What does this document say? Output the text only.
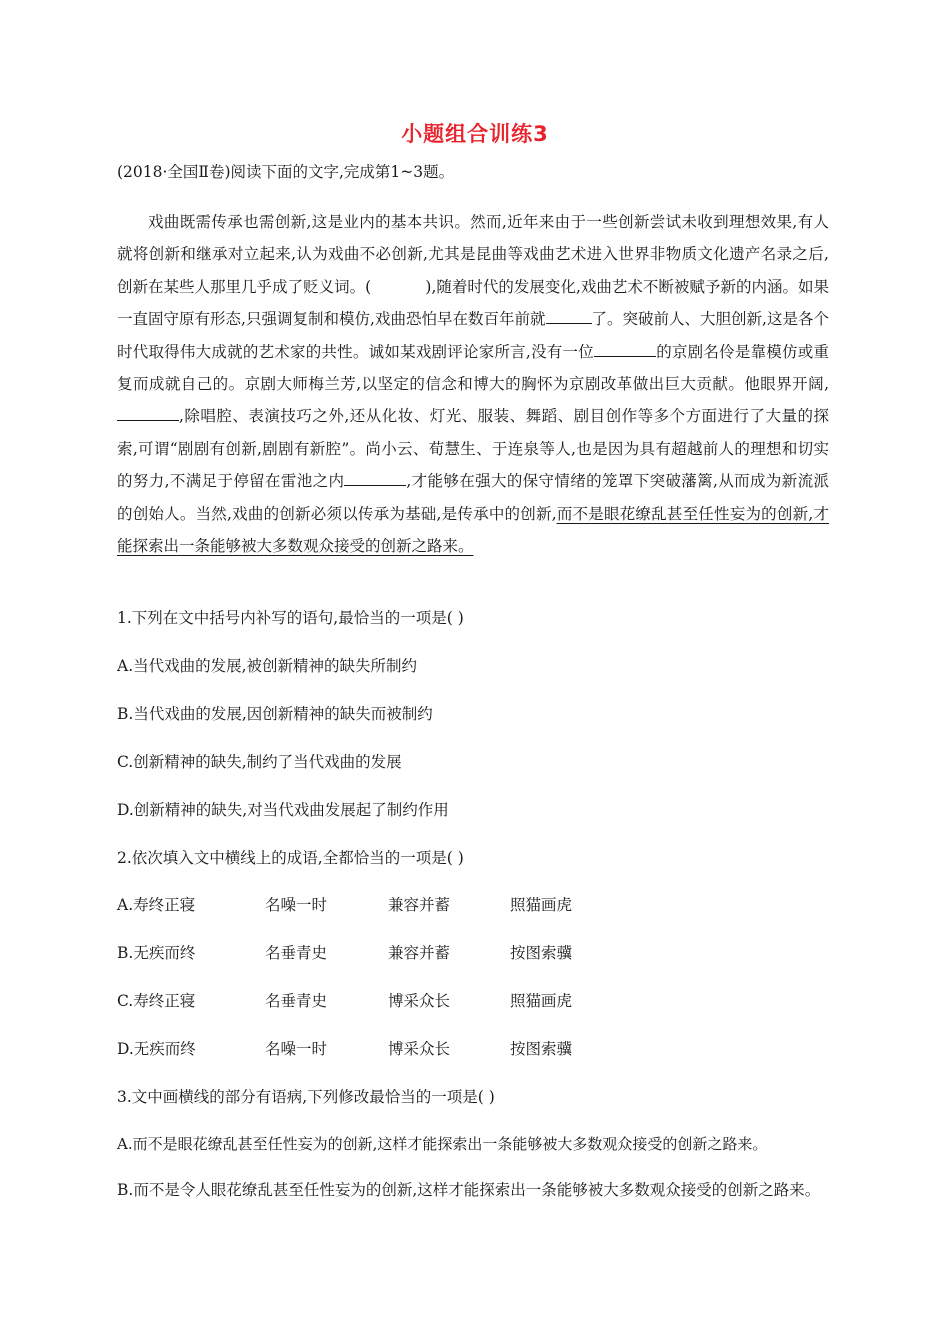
小题组合训练3
(2018·全国Ⅱ卷)阅读下面的文字,完成第1~3题。

戏曲既需传承也需创新,这是业内的基本共识。然而,近年来由于一些创新尝试未收到理想效果,有人就将创新和继承对立起来,认为戏曲不必创新,尤其是昆曲等戏曲艺术进入世界非物质文化遗产名录之后,创新在某些人那里几乎成了贬义词。(    	),随着时代的发展变化,戏曲艺术不断被赋予新的内涵。如果一直固守原有形态,只强调复制和模仿,戏曲恐怕早在数百年前就	了。突破前人、大胆创新,这是各个时代取得伟大成就的艺术家的共性。诚如某戏剧评论家所言,没有一位	的京剧名伶是靠模仿或重复而成就自己的。京剧大师梅兰芳,以坚定的信念和博大的胸怀为京剧改革做出巨大贡献。他眼界开阔,,除唱腔、表演技巧之外,还从化妆、灯光、服装、舞蹈、剧目创作等多个方面进行了大量的探索,可谓“剧剧有创新,剧剧有新腔”。尚小云、荀慧生、于连泉等人,也是因为具有超越前人的理想和切实的努力,不满足于停留在雷池之内	,才能够在强大的保守情绪的笼罩下突破藩篱,从而成为新流派的创始人。当然,戏曲的创新必须以传承为基础,是传承中的创新,而不是眼花缭乱甚至任性妄为的创新,才能探索出一条能够被大多数观众接受的创新之路来。

1.下列在文中括号内补写的语句,最恰当的一项是( )
A.当代戏曲的发展,被创新精神的缺失所制约
B.当代戏曲的发展,因创新精神的缺失而被制约
C.创新精神的缺失,制约了当代戏曲的发展
D.创新精神的缺失,对当代戏曲发展起了制约作用
2.依次填入文中横线上的成语,全都恰当的一项是( )
A.寿终正寝	名噪一时	兼容并蓄	照猫画虎
B.无疾而终	名垂青史	兼容并蓄	按图索骥
C.寿终正寝	名垂青史	博采众长	照猫画虎
D.无疾而终	名噪一时	博采众长	按图索骥
3.文中画横线的部分有语病,下列修改最恰当的一项是( )
A.而不是眼花缭乱甚至任性妄为的创新,这样才能探索出一条能够被大多数观众接受的创新之路来。

B.而不是令人眼花缭乱甚至任性妄为的创新,这样才能探索出一条能够被大多数观众接受的创新之路来。
